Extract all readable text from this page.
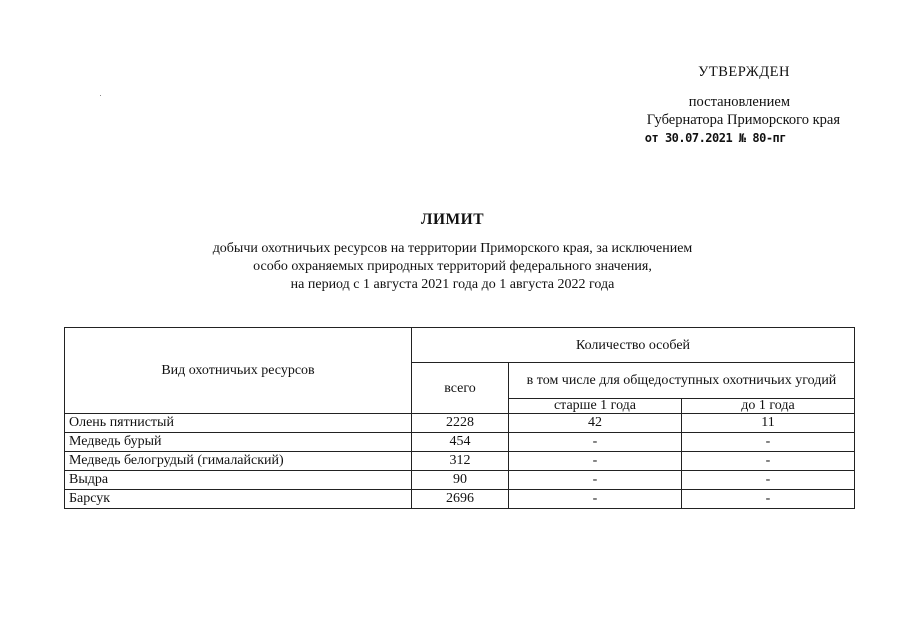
УТВЕРЖДЕН
постановлением
Губернатора Приморского края
от 30.07.2021 № 80-пг
ЛИМИТ
добычи охотничьих ресурсов на территории Приморского края, за исключением
особо охраняемых природных территорий федерального значения,
на период с 1 августа 2021 года до 1 августа 2022 года
Вид охотничьих ресурсов	Количество особей		
	всего	в том числе для общедоступных охотничьих угодий	
		старше 1 года	до 1 года
Олень пятнистый	2228	42	11
Медведь бурый	454	-	-
Медведь белогрудый (гималайский)	312	-	-
Выдра	90	-	-
Барсук	2696	-	-
